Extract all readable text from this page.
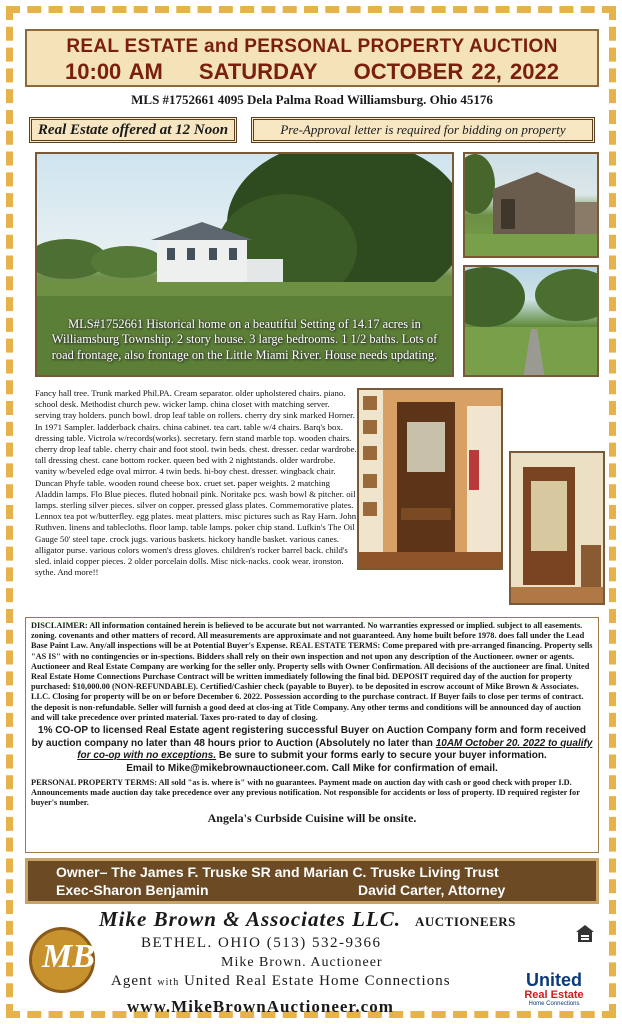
REAL ESTATE and PERSONAL PROPERTY AUCTION
10:00 AM SATURDAY OCTOBER 22, 2022
MLS #1752661 4095 Dela Palma Road Williamsburg. Ohio 45176
Real Estate offered at 12 Noon	Pre-Approval letter is required for bidding on property
MLS#1752661 Historical home on a beautiful Setting of 14.17 acres in Williamsburg Township. 2 story house. 3 large bedrooms. 1 1/2 baths. Lots of road frontage, also frontage on the Little Miami River. House needs updating.
Fancy hall tree. Trunk marked Phil.PA. Cream separator. older upholstered chairs. piano. school desk. Methodist church pew. wicker lamp. china closet with matching server. serving tray holders. punch bowl. drop leaf table on rollers. cherry dry sink marked Horner. In 1971 Sampler. ladderback chairs. china cabinet. tea cart. table w/4 chairs. Barq's box. dressing table. Victrola w/records(works). secretary. fern stand marble top. wooden chairs. cherry drop leaf table. cherry chair and foot stool. twin beds. chest. dresser. cedar wardrobe. tall dressing chest. cane bottom rocker. queen bed with 2 nightstands. older wardrobe. vanity w/beveled edge oval mirror. 4 twin beds. hi-boy chest. dresser. wingback chair. Duncan Phyfe table. wooden round cheese box. cruet set. paper weights. 2 matching Aladdin lamps. Flo Blue pieces. fluted hobnail pink. Noritake pcs. wash bowl & pitcher. oil lamps. sterling silver pieces. silver on copper. pressed glass plates. Commemorative plates. Lennox tea pot w/butterfley. egg plates. meat platters. misc pictures such as Ray Harn. John Ruthven. linens and tablecloths. floor lamp. table lamps. poker chip stand. Lufkin's The Oil Gauge 50' steel tape. crock jugs. various baskets. hickory handle basket. various canes. alligator purse. various colors women's dress gloves. children's rocker barrel back. child's sled. inlaid copper pieces. 2 older porcelain dolls. Misc nick-nacks. cook wear. ironston. sythe. And more!!
DISCLAIMER: All information contained herein is believed to be accurate but not warranted. No warranties expressed or implied. subject to all easements. zoning. covenants and other matters of record. All measurements are approximate and not guaranteed. Any home built before 1978. does fall under the Lead Base Paint Law. Any/all inspections will be at Potential Buyer's Expense. REAL ESTATE TERMS: Come prepared with pre-arranged financing. Property sells "AS IS" with no contingencies or in-spections. Bidders shall rely on their own inspection and not upon any description of the Auctioneer. owner or agents. Auctioneer and Real Estate Company are working for the seller only. Property sells with Owner Confirmation. All decisions of the auctioneer are final. United Real Estate Home Connections Purchase Contract will be written immediately following the final bid. DEPOSIT required day of the auction for property purchased: $10,000.00 (NON-REFUNDABLE). Certified/Cashier check (payable to Buyer). to be deposited in escrow account of Mike Brown & Associates. LLC. Closing for property will be on or before December 6. 2022. Possession according to the purchase contract. If Buyer fails to close per terms of contract. the deposit is non-refundable. Seller will furnish a good deed at clos-ing at Title Company. Any other terms and conditions will be announced day of auction and will take precedence over printed material. Taxes pro-rated to day of closing.
1% CO-OP to licensed Real Estate agent registering successful Buyer on Auction Company form and form received by auction company no later than 48 hours prior to Auction (Absolutely no later than 10AM October 20. 2022 to qualify for co-op with no exceptions. Be sure to submit your forms early to secure your buyer information.
Email to Mike@mikebrownauctioneer.com. Call Mike for confirmation of email.
PERSONAL PROPERTY TERMS: All sold "as is. where is" with no guarantees. Payment made on auction day with cash or good check with proper I.D. Announcements made auction day take precedence over any previous notification. Not responsible for accidents or loss of property. ID required register for buyer's number.
Angela's Curbside Cuisine will be onsite.
Owner– The James F. Truske SR and Marian C. Truske Living Trust
Exec-Sharon Benjamin	David Carter, Attorney
MB
Mike Brown & Associates LLC. AUCTIONEERS
BETHEL. OHIO (513) 532-9366
Mike Brown. Auctioneer
Agent with United Real Estate Home Connections
www.MikeBrownAuctioneer.com
United
Real Estate
Home Connections
